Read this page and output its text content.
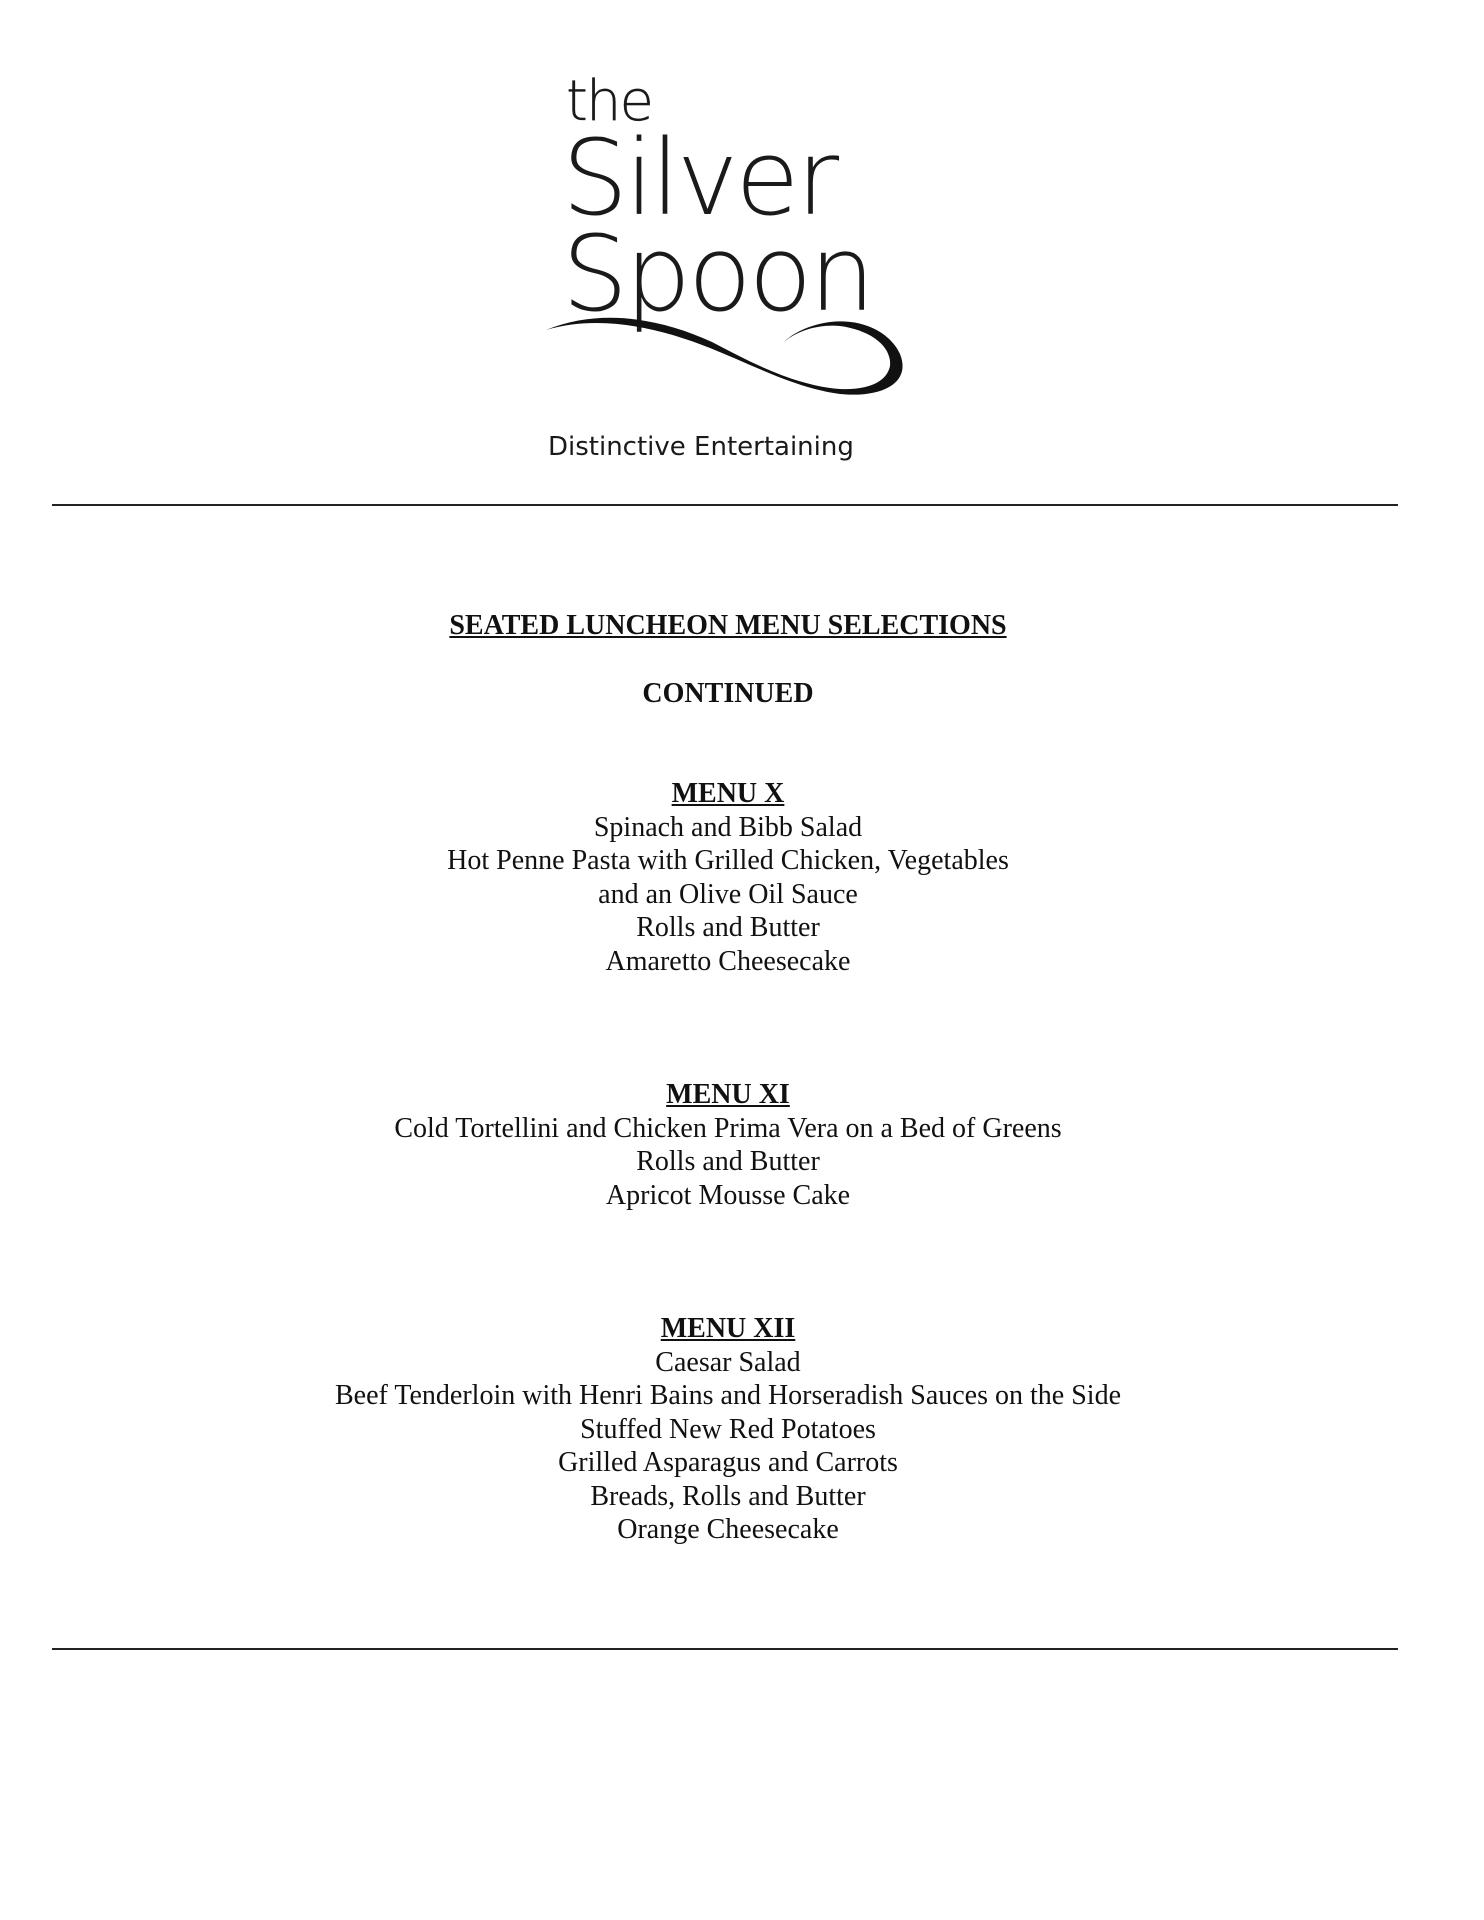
the
Silver
Spoon
Distinctive Entertaining
SEATED LUNCHEON MENU SELECTIONS
CONTINUED
MENU X
Spinach and Bibb Salad
Hot Penne Pasta with Grilled Chicken, Vegetables
and an Olive Oil Sauce
Rolls and Butter
Amaretto Cheesecake
MENU XI
Cold Tortellini and Chicken Prima Vera on a Bed of Greens
Rolls and Butter
Apricot Mousse Cake
MENU XII
Caesar Salad
Beef Tenderloin with Henri Bains and Horseradish Sauces on the Side
Stuffed New Red Potatoes
Grilled Asparagus and Carrots
Breads, Rolls and Butter
Orange Cheesecake
